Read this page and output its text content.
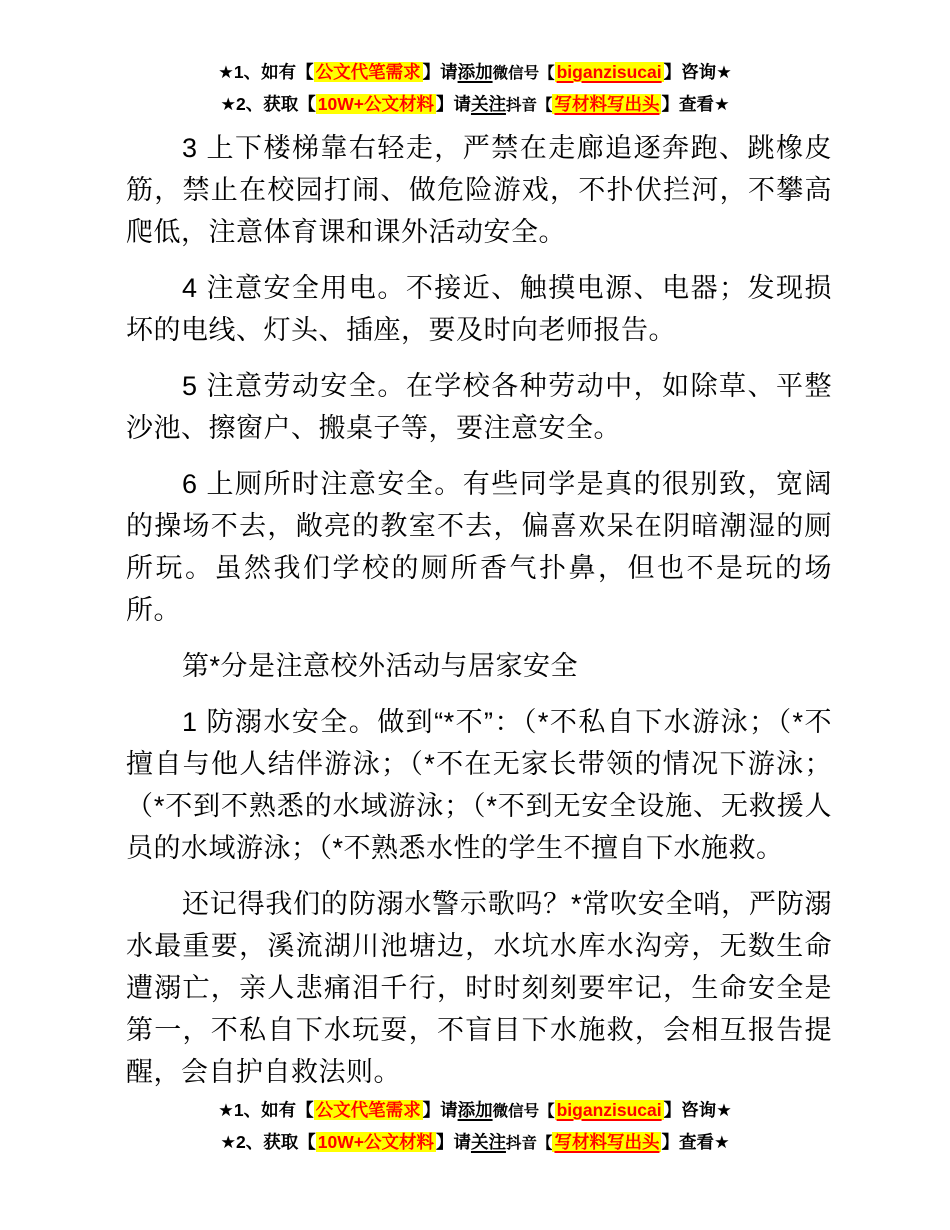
★1、如有【 公文代笔需求 】请添加微信号【 biganzisucai 】咨询★
★2、获取【 10W+公文材料 】请关注抖音【 写材料写出头 】查看★

3 上下楼梯靠右轻走，严禁在走廊追逐奔跑、跳橡皮筋，禁止在校园打闹、做危险游戏，不扑伏拦河，不攀高爬低，注意体育课和课外活动安全。

4 注意安全用电。不接近、触摸电源、电器；发现损坏的电线、灯头、插座，要及时向老师报告。

5 注意劳动安全。在学校各种劳动中，如除草、平整沙池、擦窗户、搬桌子等，要注意安全。

6 上厕所时注意安全。有些同学是真的很别致，宽阔的操场不去，敞亮的教室不去，偏喜欢呆在阴暗潮湿的厕所玩。虽然我们学校的厕所香气扑鼻，但也不是玩的场所。

第*分是注意校外活动与居家安全

1 防溺水安全。做到“*不”：（*不私自下水游泳；（*不擅自与他人结伴游泳；（*不在无家长带领的情况下游泳；（*不到不熟悉的水域游泳；（*不到无安全设施、无救援人员的水域游泳；（*不熟悉水性的学生不擅自下水施救。

还记得我们的防溺水警示歌吗？*常吹安全哨，严防溺水最重要，溪流湖川池塘边，水坑水库水沟旁，无数生命遭溺亡，亲人悲痛泪千行，时时刻刻要牢记，生命安全是第一，不私自下水玩耍，不盲目下水施救，会相互报告提醒，会自护自救法则。

★1、如有【 公文代笔需求 】请添加微信号【 biganzisucai 】咨询★
★2、获取【 10W+公文材料 】请关注抖音【 写材料写出头 】查看★
